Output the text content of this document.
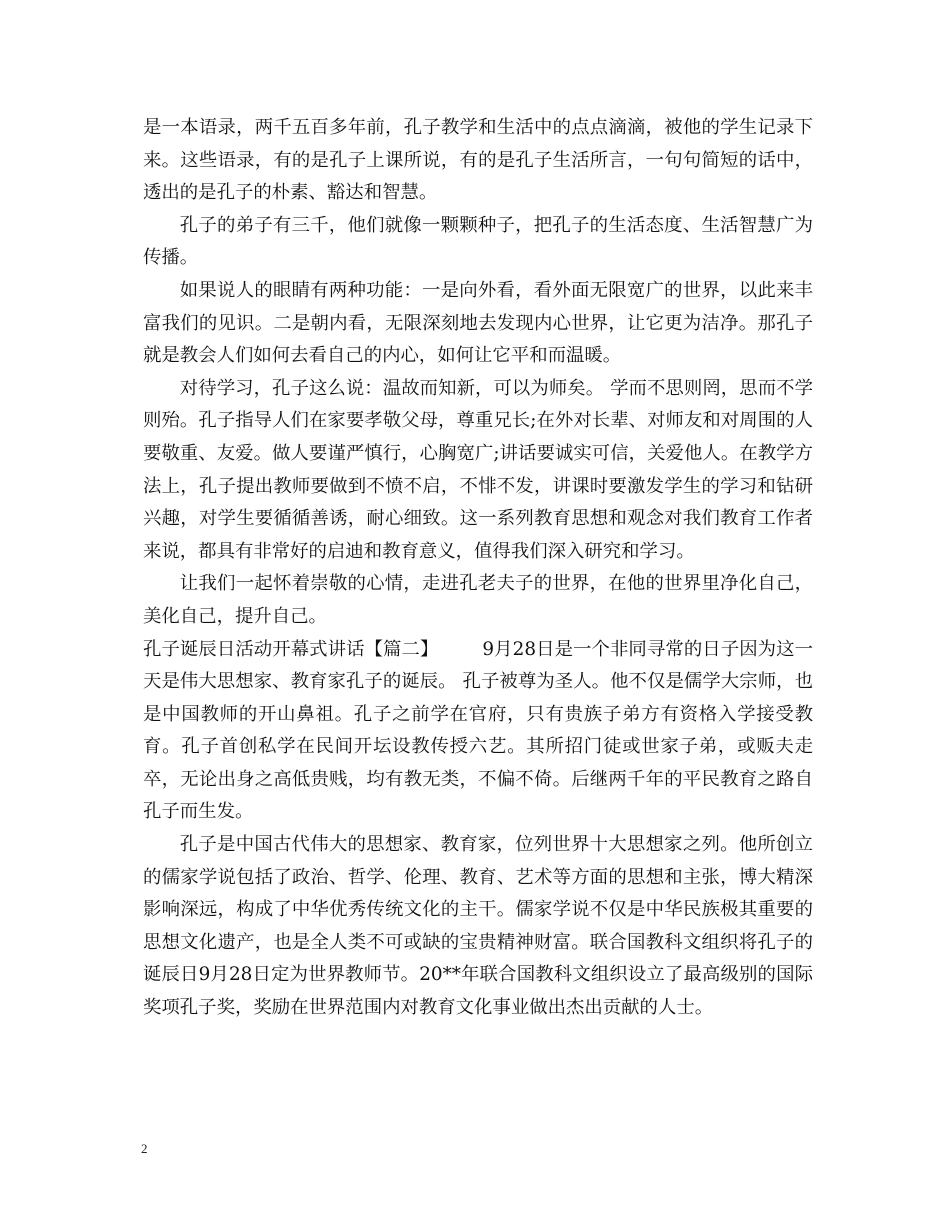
是一本语录，两千五百多年前，孔子教学和生活中的点点滴滴，被他的学生记录下来。这些语录，有的是孔子上课所说，有的是孔子生活所言，一句句简短的话中，透出的是孔子的朴素、豁达和智慧。

孔子的弟子有三千，他们就像一颗颗种子，把孔子的生活态度、生活智慧广为传播。

如果说人的眼睛有两种功能：一是向外看，看外面无限宽广的世界，以此来丰富我们的见识。二是朝内看，无限深刻地去发现内心世界，让它更为洁净。那孔子就是教会人们如何去看自己的内心，如何让它平和而温暖。

对待学习，孔子这么说：温故而知新，可以为师矣。 学而不思则罔，思而不学则殆。孔子指导人们在家要孝敬父母，尊重兄长;在外对长辈、对师友和对周围的人要敬重、友爱。做人要谨严慎行，心胸宽广;讲话要诚实可信，关爱他人。在教学方法上，孔子提出教师要做到不愤不启，不悱不发，讲课时要激发学生的学习和钻研兴趣，对学生要循循善诱，耐心细致。这一系列教育思想和观念对我们教育工作者来说，都具有非常好的启迪和教育意义，值得我们深入研究和学习。

让我们一起怀着崇敬的心情，走进孔老夫子的世界，在他的世界里净化自己，美化自己，提升自己。

孔子诞辰日活动开幕式讲话【篇二】 9月28日是一个非同寻常的日子因为这一天是伟大思想家、教育家孔子的诞辰。 孔子被尊为圣人。他不仅是儒学大宗师，也是中国教师的开山鼻祖。孔子之前学在官府，只有贵族子弟方有资格入学接受教育。孔子首创私学在民间开坛设教传授六艺。其所招门徒或世家子弟，或贩夫走卒，无论出身之高低贵贱，均有教无类，不偏不倚。后继两千年的平民教育之路自孔子而生发。

孔子是中国古代伟大的思想家、教育家，位列世界十大思想家之列。他所创立的儒家学说包括了政治、哲学、伦理、教育、艺术等方面的思想和主张，博大精深影响深远，构成了中华优秀传统文化的主干。儒家学说不仅是中华民族极其重要的思想文化遗产，也是全人类不可或缺的宝贵精神财富。联合国教科文组织将孔子的诞辰日9月28日定为世界教师节。20**年联合国教科文组织设立了最高级别的国际奖项孔子奖，奖励在世界范围内对教育文化事业做出杰出贡献的人士。

2
